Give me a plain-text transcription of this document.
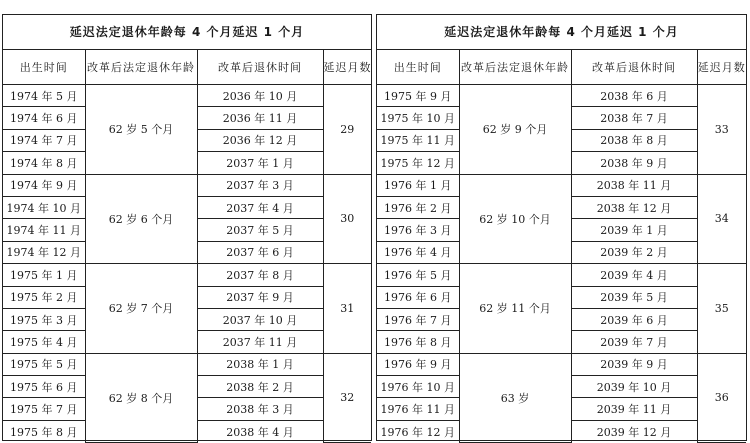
延迟法定退休年龄每 4 个月延迟 1 个月
出生时间	改革后法定退休年龄	改革后退休时间	延迟月数
1974 年 5 月	62 岁 5 个月	2036 年 10 月	29
1974 年 6 月		2036 年 11 月	
1974 年 7 月		2036 年 12 月	
1974 年 8 月		2037 年 1 月	
1974 年 9 月	62 岁 6 个月	2037 年 3 月	30
1974 年 10 月		2037 年 4 月	
1974 年 11 月		2037 年 5 月	
1974 年 12 月		2037 年 6 月	
1975 年 1 月	62 岁 7 个月	2037 年 8 月	31
1975 年 2 月		2037 年 9 月	
1975 年 3 月		2037 年 10 月	
1975 年 4 月		2037 年 11 月	
1975 年 5 月	62 岁 8 个月	2038 年 1 月	32
1975 年 6 月		2038 年 2 月	
1975 年 7 月		2038 年 3 月	
1975 年 8 月		2038 年 4 月	
延迟法定退休年龄每 4 个月延迟 1 个月
出生时间	改革后法定退休年龄	改革后退休时间	延迟月数
1975 年 9 月	62 岁 9 个月	2038 年 6 月	33
1975 年 10 月		2038 年 7 月	
1975 年 11 月		2038 年 8 月	
1975 年 12 月		2038 年 9 月	
1976 年 1 月	62 岁 10 个月	2038 年 11 月	34
1976 年 2 月		2038 年 12 月	
1976 年 3 月		2039 年 1 月	
1976 年 4 月		2039 年 2 月	
1976 年 5 月	62 岁 11 个月	2039 年 4 月	35
1976 年 6 月		2039 年 5 月	
1976 年 7 月		2039 年 6 月	
1976 年 8 月		2039 年 7 月	
1976 年 9 月	63 岁	2039 年 9 月	36
1976 年 10 月		2039 年 10 月	
1976 年 11 月		2039 年 11 月	
1976 年 12 月		2039 年 12 月	
